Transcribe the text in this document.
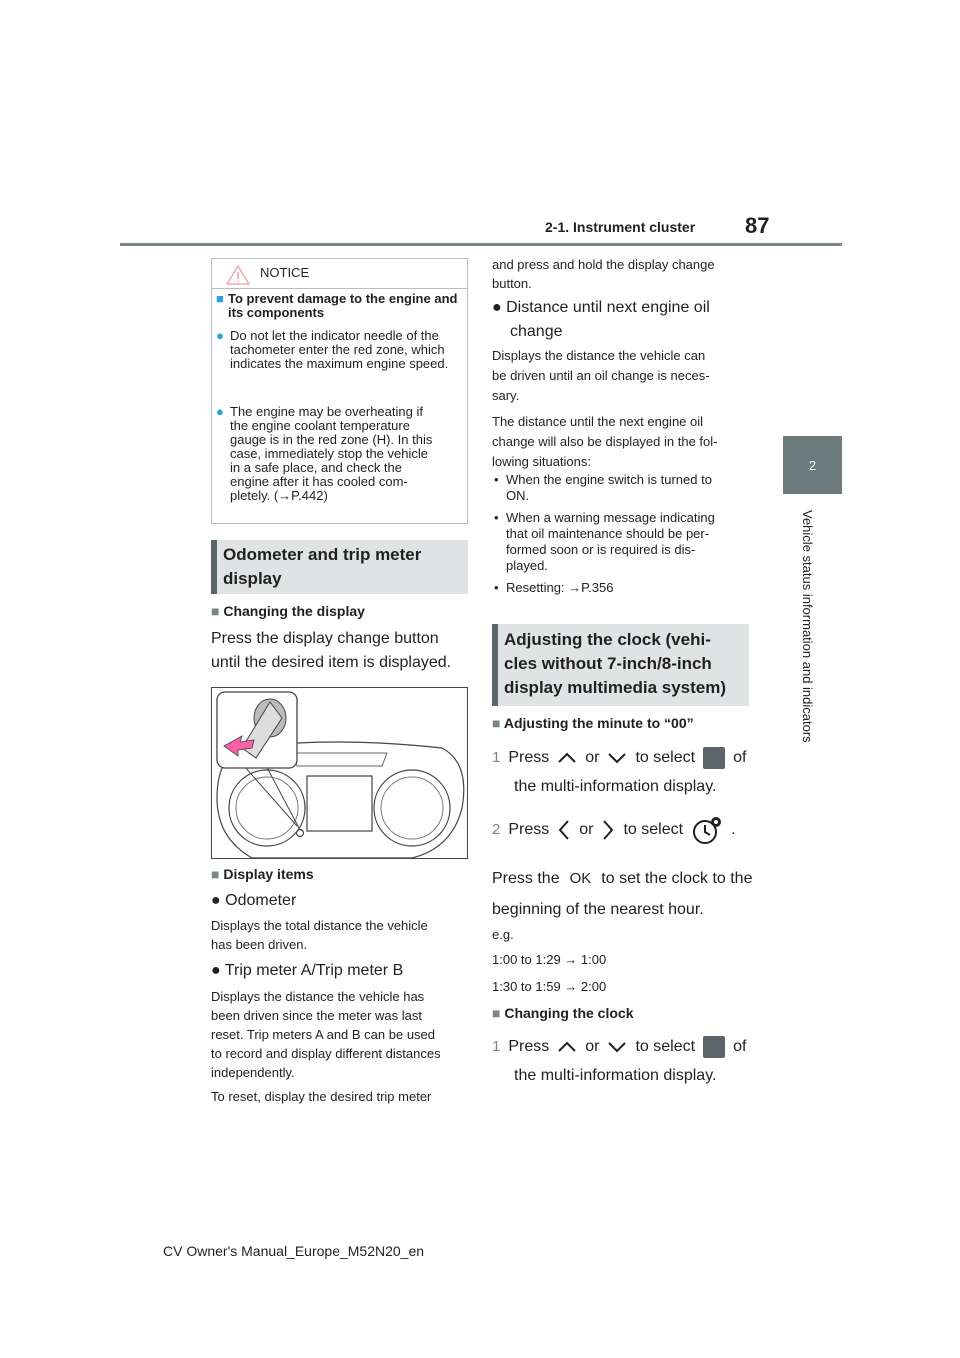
2-1. Instrument cluster 87
2
Vehicle status information and indicators
NOTICE
■ To prevent damage to the engine and its components
● Do not let the indicator needle of the tachometer enter the red zone, which indicates the maximum engine speed.
● The engine may be overheating if
the engine coolant temperature
gauge is in the red zone (H). In this
case, immediately stop the vehicle
in a safe place, and check the
engine after it has cooled com-
pletely. (→P.442)
Odometer and trip meter
display
■ Changing the display
Press the display change button
until the desired item is displayed.
■ Display items
● Odometer
Displays the total distance the vehicle
has been driven.
● Trip meter A/Trip meter B
Displays the distance the vehicle has
been driven since the meter was last
reset. Trip meters A and B can be used
to record and display different distances
independently.
To reset, display the desired trip meter
and press and hold the display change
button.
● Distance until next engine oil
change
Displays the distance the vehicle can
be driven until an oil change is neces-
sary.
The distance until the next engine oil
change will also be displayed in the fol-
lowing situations:
• When the engine switch is turned to
ON.
• When a warning message indicating
that oil maintenance should be per-
formed soon or is required is dis-
played.
• Resetting: →P.356
Adjusting the clock (vehi-
cles without 7-inch/8-inch
display multimedia system)
■ Adjusting the minute to “00”
1 Press or to select of
the multi-information display.
2 Press or to select	.
Press the OK to set the clock to the
beginning of the nearest hour.
e.g.
1:00 to 1:29 → 1:00
1:30 to 1:59 → 2:00
■ Changing the clock
1 Press or to select of
the multi-information display.
CV Owner's Manual_Europe_M52N20_en
